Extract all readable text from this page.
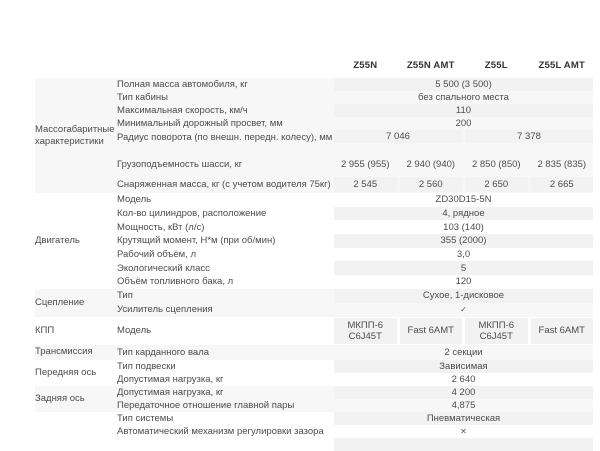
Z55N	Z55N AMT	Z55L	Z55L AMT
Массогабаритные характеристики
Полная масса автомобиля, кг	5 500 (3 500)
Тип кабины	без спального места
Максимальная скорость, км/ч	110
Минимальный дорожный просвет, мм	200
Радиус поворота (по внешн. передн. колесу), мм	7 046	7 378
Грузоподъемность шасси, кг	2 955 (955)	2 940 (940)	2 850 (850)	2 835 (835)
Снаряженная масса, кг (с учетом водителя 75кг)	2 545	2 560	2 650	2 665
Двигатель
Модель	ZD30D15-5N
Кол-во цилиндров, расположение	4, рядное
Мощность, кВт (л/с)	103 (140)
Крутящий момент, Н*м (при об/мин)	355 (2000)
Рабочий объём, л	3,0
Экологический класс	5
Объём топливного бака, л	120
Сцепление
Тип	Сухое, 1-дисковое
Усилитель сцепления	✓
КПП	Модель	МКПП-6 C6J45T	Fast 6AMT	МКПП-6 C6J45T	Fast 6AMT
Трансмиссия	Тип карданного вала	2 секции
Передняя ось
Тип подвески	Зависимая
Допустимая нагрузка, кг	2 640
Задняя ось
Допустимая нагрузка, кг	4 200
Передаточное отношение главной пары	4,875
Тип системы	Пневматическая
Автоматический механизм регулировки зазора	✕
